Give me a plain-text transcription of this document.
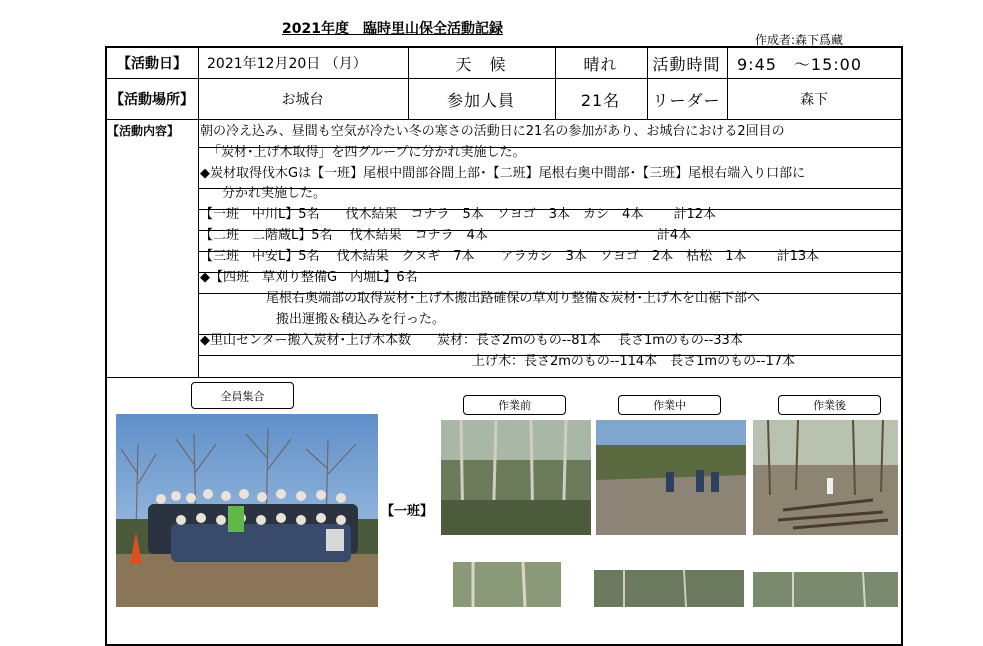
2021年度　臨時里山保全活動記録
作成者:森下爲藏
【活動日】	2021年12月20日 （月）	天　候	晴れ	活動時間	9:45　～15:00
【活動場所】	お城台	参加人員	21名	リーダー	森下
【活動内容】 朝の冷え込み、昼間も空気が冷たい冬の寒さの活動日に21名の参加があり、お城台における2回目の
「炭材･上げ木取得」を四グループに分かれ実施した。
◆炭材取得伐木Gは【一班】尾根中間部谷間上部･【二班】尾根右奥中間部･【三班】尾根右端入り口部に
分かれ実施した。
【一班　中川L】5名　　伐木結果　コナラ　5本　ソヨゴ　3本　カシ　4本　　 計12本
【二班　二階蔵L】5名　 伐木結果　コナラ　4本　　　　　　　　　　　　　計4本
【三班　中安L】5名　 伐木結果　クヌギ　7本　　アラカシ　3本　ソヨゴ　2本　枯松　1本　　 計13本
◆【四班　草刈り整備G　内堀L】6名
尾根右奥端部の取得炭材･上げ木搬出路確保の草刈り整備＆炭材･上げ木を山裾下部へ
搬出運搬＆積込みを行った。
◆里山センター搬入炭材･上げ木本数　　炭材：長さ2mのもの--81本　 長さ1mのもの--33本
上げ木：長さ2mのもの--114本　長さ1mのもの--17本
全員集合
作業前	作業中	作業後
【一班】
